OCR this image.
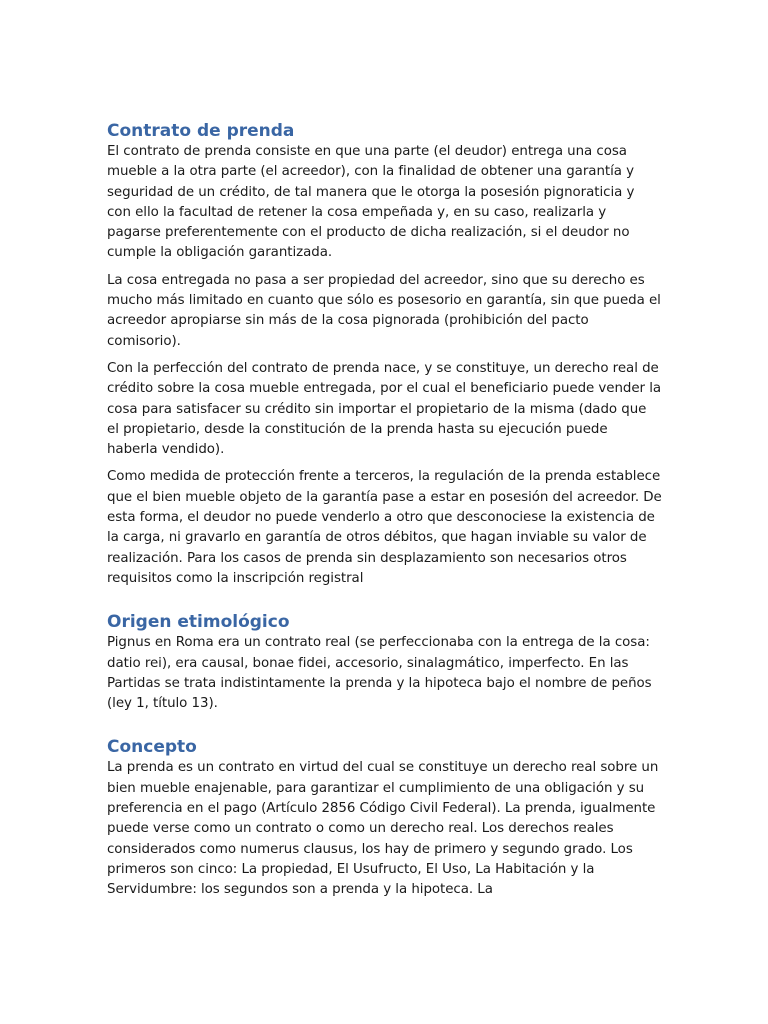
Contrato de prenda

El contrato de prenda consiste en que una parte (el deudor) entrega una cosa mueble a la otra parte (el acreedor), con la finalidad de obtener una garantía y seguridad de un crédito, de tal manera que le otorga la posesión pignoraticia y con ello la facultad de retener la cosa empeñada y, en su caso, realizarla y pagarse preferentemente con el producto de dicha realización, si el deudor no cumple la obligación garantizada.

La cosa entregada no pasa a ser propiedad del acreedor, sino que su derecho es mucho más limitado en cuanto que sólo es posesorio en garantía, sin que pueda el acreedor apropiarse sin más de la cosa pignorada (prohibición del pacto comisorio).

Con la perfección del contrato de prenda nace, y se constituye, un derecho real de crédito sobre la cosa mueble entregada, por el cual el beneficiario puede vender la cosa para satisfacer su crédito sin importar el propietario de la misma (dado que el propietario, desde la constitución de la prenda hasta su ejecución puede haberla vendido).

Como medida de protección frente a terceros, la regulación de la prenda establece que el bien mueble objeto de la garantía pase a estar en posesión del acreedor. De esta forma, el deudor no puede venderlo a otro que desconociese la existencia de la carga, ni gravarlo en garantía de otros débitos, que hagan inviable su valor de realización. Para los casos de prenda sin desplazamiento son necesarios otros requisitos como la inscripción registral

Origen etimológico

Pignus en Roma era un contrato real (se perfeccionaba con la entrega de la cosa: datio rei), era causal, bonae fidei, accesorio, sinalagmático, imperfecto. En las Partidas se trata indistintamente la prenda y la hipoteca bajo el nombre de peños (ley 1, título 13).

Concepto

La prenda es un contrato en virtud del cual se constituye un derecho real sobre un bien mueble enajenable, para garantizar el cumplimiento de una obligación y su preferencia en el pago (Artículo 2856 Código Civil Federal). La prenda, igualmente puede verse como un contrato o como un derecho real. Los derechos reales considerados como numerus clausus, los hay de primero y segundo grado. Los primeros son cinco: La propiedad, El Usufructo, El Uso, La Habitación y la Servidumbre: los segundos son a prenda y la hipoteca. La
